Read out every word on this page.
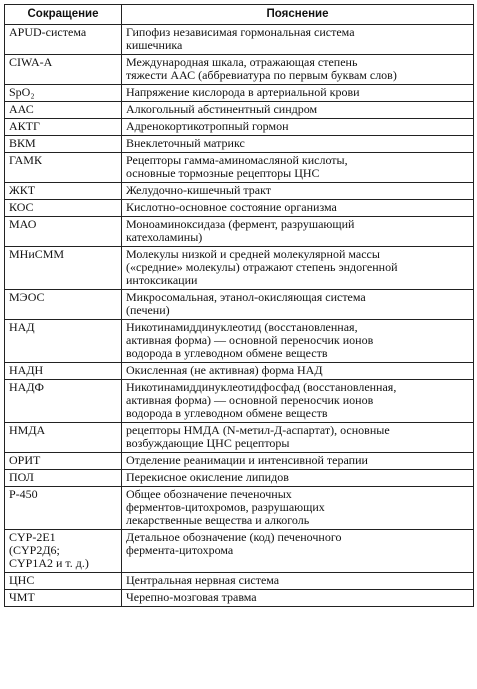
Сокращение	Пояснение
APUD-система	Гипофиз независимая гормональная система
кишечника
CIWA-A	Международная шкала, отражающая степень
тяжести ААС (аббревиатура по первым буквам слов)
SpO₂	Напряжение кислорода в артериальной крови
ААС	Алкогольный абстинентный синдром
АКТГ	Адренокортикотропный гормон
ВКМ	Внеклеточный матрикс
ГАМК	Рецепторы гамма-аминомасляной кислоты,
основные тормозные рецепторы ЦНС
ЖКТ	Желудочно-кишечный тракт
КОС	Кислотно-основное состояние организма
МАО	Моноаминоксидаза (фермент, разрушающий
катехоламины)
МНиСММ	Молекулы низкой и средней молекулярной массы
(«средние» молекулы) отражают степень эндогенной
интоксикации
МЭОС	Микросомальная, этанол-окисляющая система
(печени)
НАД	Никотинамиддинуклеотид (восстановленная,
активная форма) — основной переносчик ионов
водорода в углеводном обмене веществ
НАДН	Окисленная (не активная) форма НАД
НАДФ	Никотинамиддинуклеотидфосфад (восстановленная,
активная форма) — основной переносчик ионов
водорода в углеводном обмене веществ
НМДА	рецепторы НМДА (N-метил-Д-аспартат), основные
возбуждающие ЦНС рецепторы
ОРИТ	Отделение реанимации и интенсивной терапии
ПОЛ	Перекисное окисление липидов
Р-450	Общее обозначение печеночных
ферментов-цитохромов, разрушающих
лекарственные вещества и алкоголь
CYP-2E1
(CYP2Д6;
CYP1A2 и т. д.)	Детальное обозначение (код) печеночного
фермента-цитохрома
ЦНС	Центральная нервная система
ЧМТ	Черепно-мозговая травма
